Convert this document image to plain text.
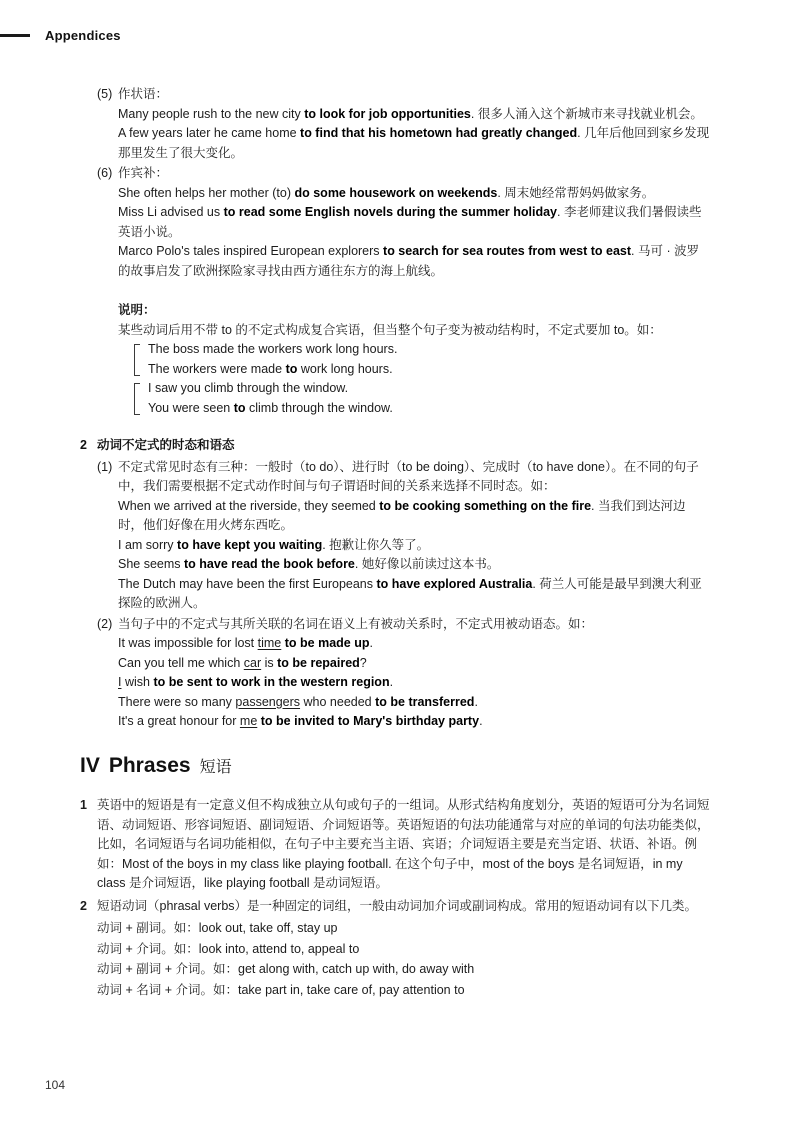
Appendices
(5) 作状语：
Many people rush to the new city to look for job opportunities. 很多人涌入这个新城市来寻找就业机会。
A few years later he came home to find that his hometown had greatly changed. 几年后他回到家乡发现那里发生了很大变化。
(6) 作宾补：
She often helps her mother (to) do some housework on weekends. 周末她经常帮妈妈做家务。
Miss Li advised us to read some English novels during the summer holiday. 李老师建议我们暑假读些英语小说。
Marco Polo's tales inspired European explorers to search for sea routes from west to east. 马可 · 波罗的故事启发了欧洲探险家寻找由西方通往东方的海上航线。
说明：
某些动词后用不带 to 的不定式构成复合宾语，但当整个句子变为被动结构时，不定式要加 to。如：
The boss made the workers work long hours.
The workers were made to work long hours.
I saw you climb through the window.
You were seen to climb through the window.
2 动词不定式的时态和语态
(1) 不定式常见时态有三种：一般时（to do）、进行时（to be doing）、完成时（to have done）。在不同的句子中，我们需要根据不定式动作时间与句子谓语时间的关系来选择不同时态。如：
When we arrived at the riverside, they seemed to be cooking something on the fire. 当我们到达河边时，他们好像在用火烤东西吃。
I am sorry to have kept you waiting. 抱歉让你久等了。
She seems to have read the book before. 她好像以前读过这本书。
The Dutch may have been the first Europeans to have explored Australia. 荷兰人可能是最早到澳大利亚探险的欧洲人。
(2) 当句子中的不定式与其所关联的名词在语义上有被动关系时，不定式用被动语态。如：
It was impossible for lost time to be made up.
Can you tell me which car is to be repaired?
I wish to be sent to work in the western region.
There were so many passengers who needed to be transferred.
It's a great honour for me to be invited to Mary's birthday party.
IV Phrases 短语
1 英语中的短语是有一定意义但不构成独立从句或句子的一组词。从形式结构角度划分，英语的短语可分为名词短语、动词短语、形容词短语、副词短语、介词短语等。英语短语的句法功能通常与对应的单词的句法功能类似，比如，名词短语与名词功能相似，在句子中主要充当主语、宾语；介词短语主要是充当定语、状语、补语。例如：Most of the boys in my class like playing football. 在这个句子中，most of the boys 是名词短语，in my class 是介词短语，like playing football 是动词短语。
2 短语动词（phrasal verbs）是一种固定的词组，一般由动词加介词或副词构成。常用的短语动词有以下几类。
动词 + 副词。如：look out, take off, stay up
动词 + 介词。如：look into, attend to, appeal to
动词 + 副词 + 介词。如：get along with, catch up with, do away with
动词 + 名词 + 介词。如：take part in, take care of, pay attention to
104
